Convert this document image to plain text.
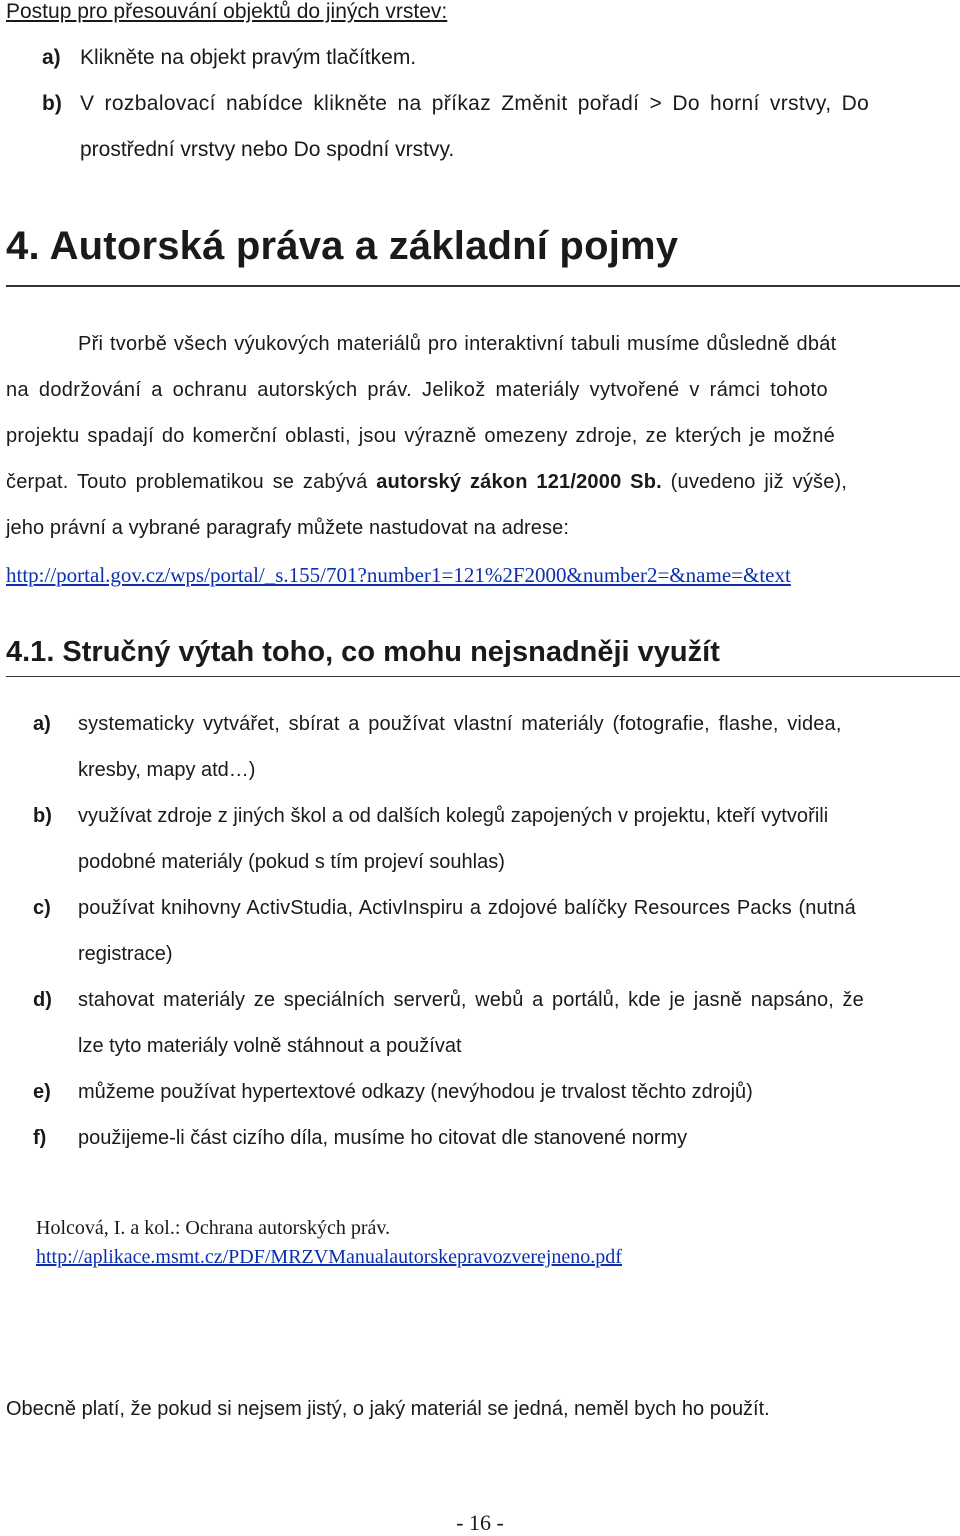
Postup pro přesouvání objektů do jiných vrstev:
a) Klikněte na objekt pravým tlačítkem.
b) V rozbalovací nabídce klikněte na příkaz Změnit pořadí > Do horní vrstvy, Do
prostřední vrstvy nebo Do spodní vrstvy.
4. Autorská práva a základní pojmy
Při tvorbě všech výukových materiálů pro interaktivní tabuli musíme důsledně dbát
na dodržování a ochranu autorských práv. Jelikož materiály vytvořené v rámci tohoto
projektu spadají do komerční oblasti, jsou výrazně omezeny zdroje, ze kterých je možné
čerpat. Touto problematikou se zabývá autorský zákon 121/2000 Sb. (uvedeno již výše),
jeho právní a vybrané paragrafy můžete nastudovat na adrese:
http://portal.gov.cz/wps/portal/_s.155/701?number1=121%2F2000&number2=&name=&text
4.1. Stručný výtah toho, co mohu nejsnadněji využít
a) systematicky vytvářet, sbírat a používat vlastní materiály (fotografie, flashe, videa,
kresby, mapy atd…)
b) využívat zdroje z jiných škol a od dalších kolegů zapojených v projektu, kteří vytvořili
podobné materiály (pokud s tím projeví souhlas)
c) používat knihovny ActivStudia, ActivInspiru a zdojové balíčky Resources Packs (nutná
registrace)
d) stahovat materiály ze speciálních serverů, webů a portálů, kde je jasně napsáno, že
lze tyto materiály volně stáhnout a používat
e) můžeme používat hypertextové odkazy (nevýhodou je trvalost těchto zdrojů)
f) použijeme-li část cizího díla, musíme ho citovat dle stanovené normy
Holcová, I. a kol.: Ochrana autorských práv.
http://aplikace.msmt.cz/PDF/MRZVManualautorskepravozverejneno.pdf
Obecně platí, že pokud si nejsem jistý, o jaký materiál se jedná, neměl bych ho použít.
- 16 -
